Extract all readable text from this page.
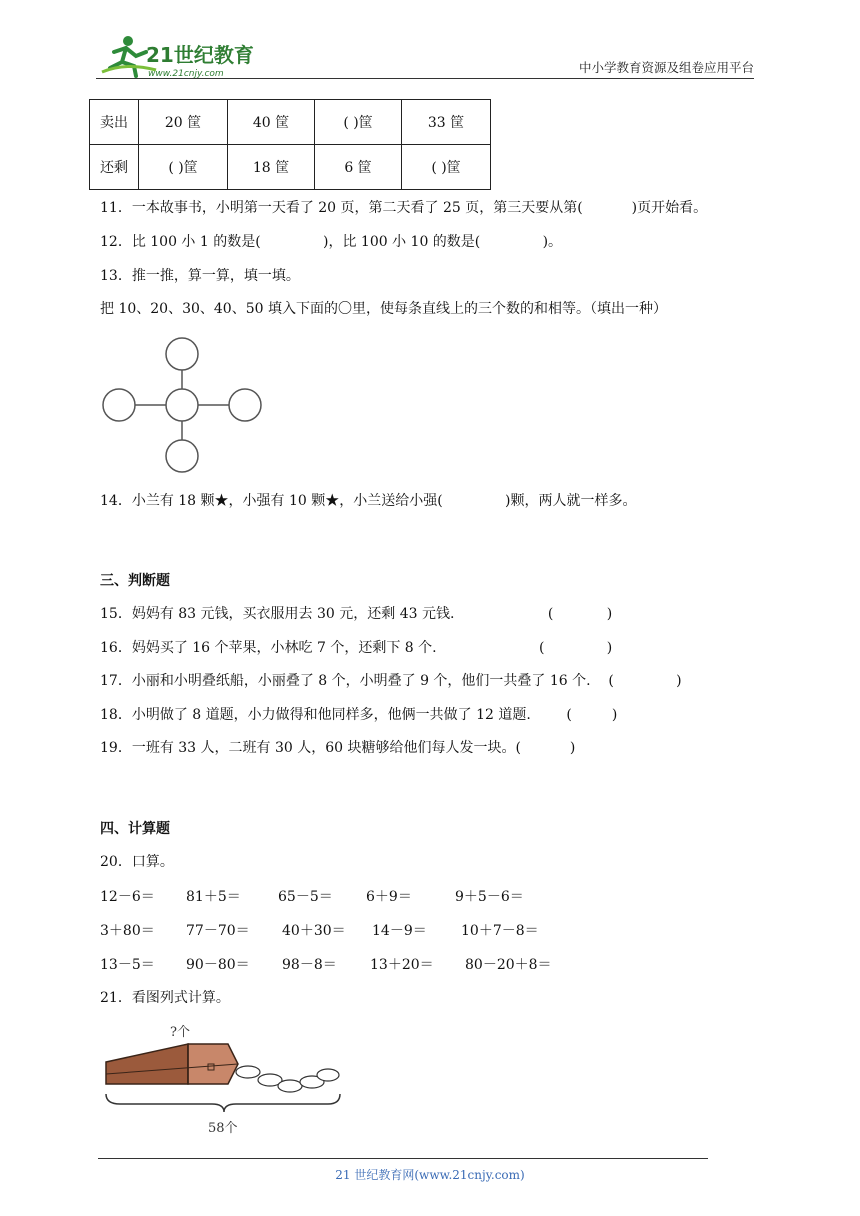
21世纪教育
www.21cnjy.com	中小学教育资源及组卷应用平台
卖出	20 筐	40 筐	( )筐	33 筐
还剩	( )筐	18 筐	6 筐	( )筐
11．一本故事书，小明第一天看了 20 页，第二天看了 25 页，第三天要从第(           )页开始看。
12．比 100 小 1 的数是(              )，比 100 小 10 的数是(              )。
13．推一推，算一算，填一填。
把 10、20、30、40、50 填入下面的〇里，使每条直线上的三个数的和相等。（填出一种）
14．小兰有 18 颗★，小强有 10 颗★，小兰送给小强(              )颗，两人就一样多。
三、判断题
15．妈妈有 83 元钱，买衣服用去 30 元，还剩 43 元钱.                     (            )
16．妈妈买了 16 个苹果，小林吃 7 个，还剩下 8 个.                       (              )
17．小丽和小明叠纸船，小丽叠了 8 个，小明叠了 9 个，他们一共叠了 16 个.    (              )
18．小明做了 8 道题，小力做得和他同样多，他俩一共做了 12 道题.        (         )
19．一班有 33 人，二班有 30 人，60 块糖够给他们每人发一块。(           )
四、计算题
20．口算。
12－6＝ 81＋5＝	65－5＝ 6＋9＝	9＋5－6＝
3＋80＝ 77－70＝ 40＋30＝ 14－9＝ 10＋7－8＝
13－5＝ 90－80＝ 98－8＝ 13＋20＝ 80－20＋8＝
21．看图列式计算。
?个
58个
21 世纪教育网(www.21cnjy.com)
